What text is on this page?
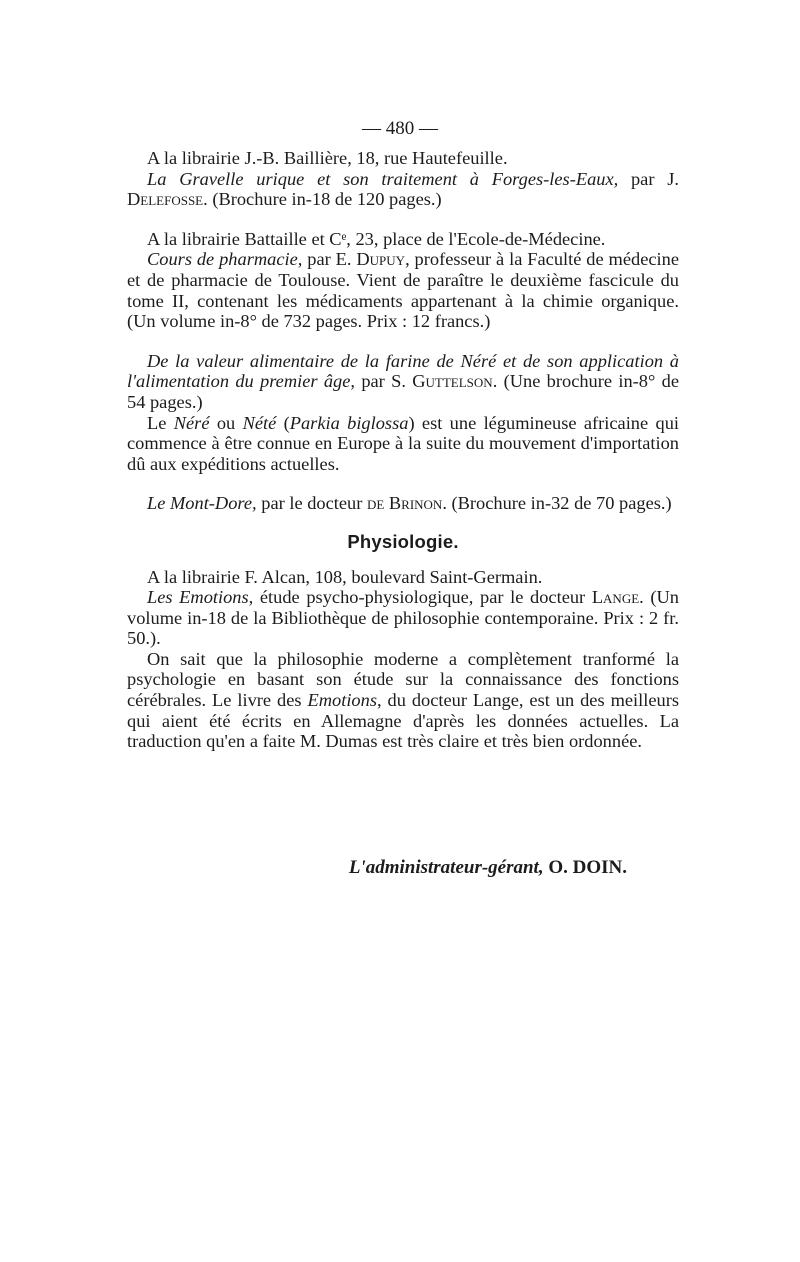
— 480 —

A la librairie J.-B. Baillière, 18, rue Hautefeuille.

La Gravelle urique et son traitement à Forges-les-Eaux, par J. Delefosse. (Brochure in-18 de 120 pages.)

A la librairie Battaille et Cᵉ, 23, place de l'Ecole-de-Médecine.

Cours de pharmacie, par E. Dupuy, professeur à la Faculté de médecine et de pharmacie de Toulouse. Vient de paraître le deuxième fascicule du tome II, contenant les médicaments appartenant à la chimie organique. (Un volume in-8° de 732 pages. Prix : 12 francs.)

De la valeur alimentaire de la farine de Néré et de son application à l'alimentation du premier âge, par S. Guttelson. (Une brochure in-8° de 54 pages.)

Le Néré ou Nété (Parkia biglossa) est une légumineuse africaine qui commence à être connue en Europe à la suite du mouvement d'importation dû aux expéditions actuelles.

Le Mont-Dore, par le docteur de Brinon. (Brochure in-32 de 70 pages.)

Physiologie.

A la librairie F. Alcan, 108, boulevard Saint-Germain.

Les Emotions, étude psycho-physiologique, par le docteur Lange. (Un volume in-18 de la Bibliothèque de philosophie contemporaine. Prix : 2 fr. 50.).

On sait que la philosophie moderne a complètement tranformé la psychologie en basant son étude sur la connaissance des fonctions cérébrales. Le livre des Emotions, du docteur Lange, est un des meilleurs qui aient été écrits en Allemagne d'après les données actuelles. La traduction qu'en a faite M. Dumas est très claire et très bien ordonnée.

L'administrateur-gérant, O. DOIN.
